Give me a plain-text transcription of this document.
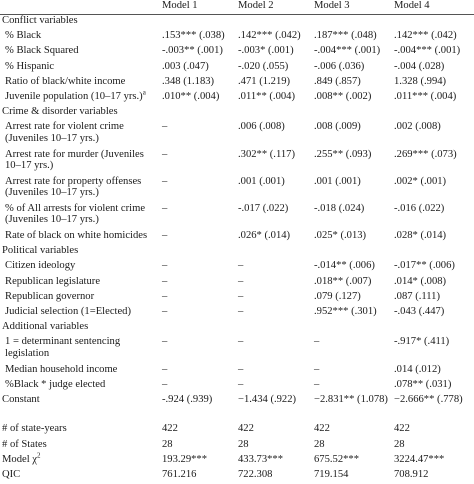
	Model 1	Model 2	Model 3	Model 4
Conflict variables				
% Black	.153*** (.038)	.142*** (.042)	.187*** (.048)	.142*** (.042)
% Black Squared	-.003** (.001)	-.003* (.001)	-.004*** (.001)	-.004*** (.001)
% Hispanic	.003 (.047)	-.020 (.055)	-.006 (.036)	-.004 (.028)
Ratio of black/white income	.348 (1.183)	.471 (1.219)	.849 (.857)	1.328 (.994)
Juvenile population (10–17 yrs.)$^a$	.010** (.004)	.011** (.004)	.008** (.002)	.011*** (.004)
Crime & disorder variables				
Arrest rate for violent crime (Juveniles 10–17 yrs.)	–	.006 (.008)	.008 (.009)	.002 (.008)
Arrest rate for murder (Juveniles 10–17 yrs.)	–	.302** (.117)	.255** (.093)	.269*** (.073)
Arrest rate for property offenses (Juveniles 10–17 yrs.)	–	.001 (.001)	.001 (.001)	.002* (.001)
% of All arrests for violent crime (Juveniles 10–17 yrs.)	–	-.017 (.022)	-.018 (.024)	-.016 (.022)
Rate of black on white homicides	–	.026* (.014)	.025* (.013)	.028* (.014)
Political variables				
Citizen ideology	–	–	-.014** (.006)	-.017** (.006)
Republican legislature	–	–	.018** (.007)	.014* (.008)
Republican governor	–	–	.079 (.127)	.087 (.111)
Judicial selection (1=Elected)	–	–	.952*** (.301)	-.043 (.447)
Additional variables				
1 = determinant sentencing legislation	–	–	–	-.917* (.411)
Median household income	–	–	–	.014 (.012)
%Black * judge elected	–	–	–	.078** (.031)
Constant	-.924 (.939)	−1.434 (.922)	−2.831** (1.078)	−2.666** (.778)

# of state-years	422	422	422	422
# of States	28	28	28	28
Model $\chi^2$	193.29***	433.73***	675.52***	3224.47***
QIC	761.216	722.308	719.154	708.912
